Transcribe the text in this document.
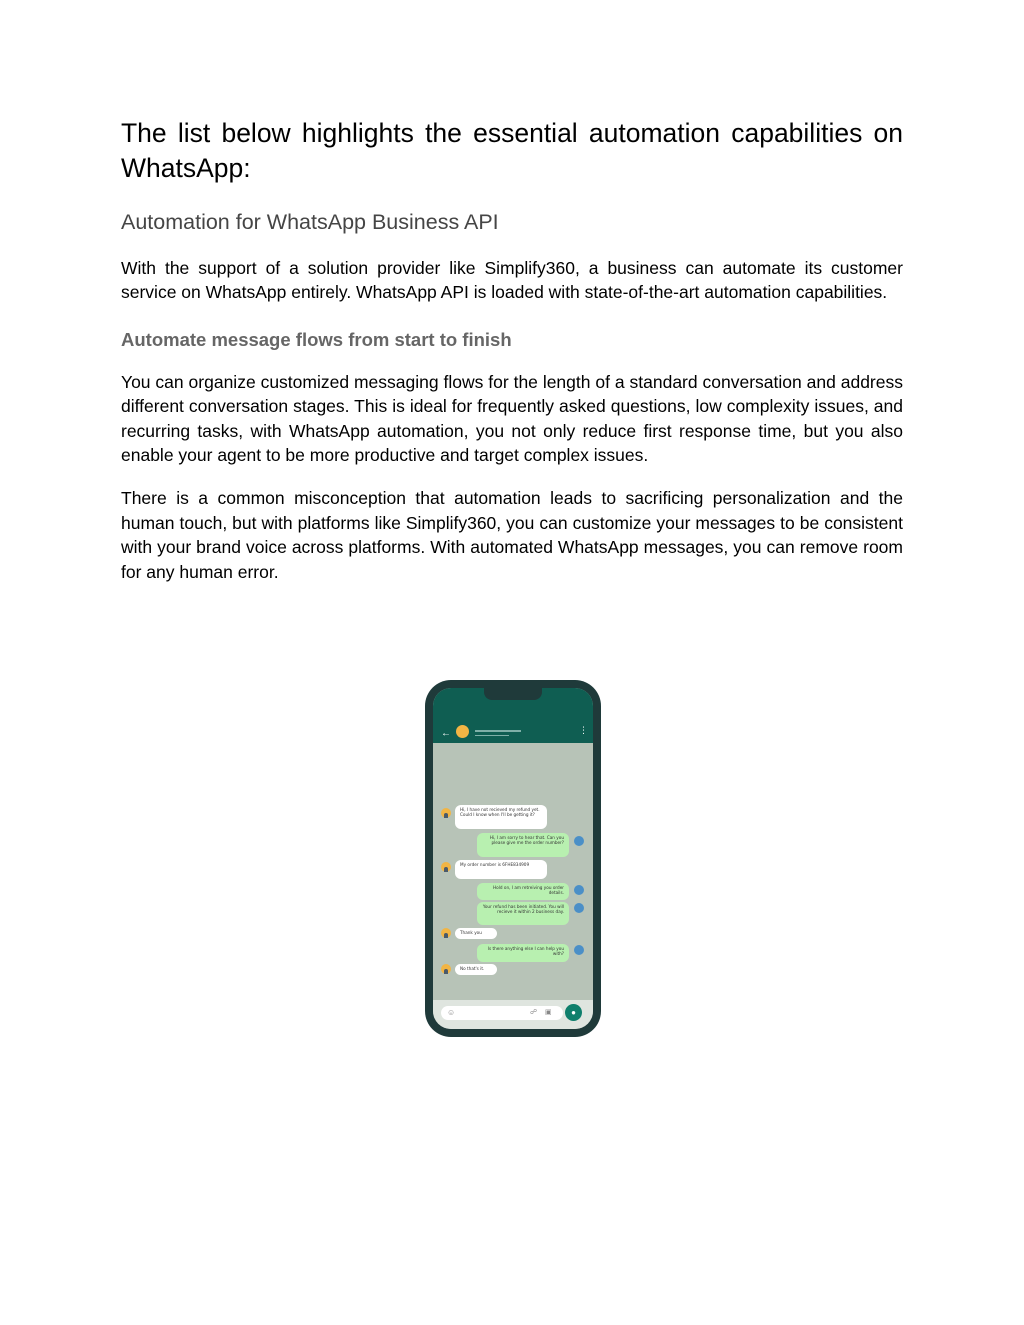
The list below highlights the essential automation capabilities on WhatsApp:
Automation for WhatsApp Business API

With the support of a solution provider like Simplify360, a business can automate its customer service on WhatsApp entirely. WhatsApp API is loaded with state-of-the-art automation capabilities.

Automate message flows from start to finish

You can organize customized messaging flows for the length of a standard conversation and address different conversation stages. This is ideal for frequently asked questions, low complexity issues, and recurring tasks, with WhatsApp automation, you not only reduce first response time, but you also enable your agent to be more productive and target complex issues.

There is a common misconception that automation leads to sacrificing personalization and the human touch, but with platforms like Simplify360, you can customize your messages to be consistent with your brand voice across platforms. With automated WhatsApp messages, you can remove room for any human error.

←	⋮
Hi, I have not recieved my refund yet. Could I know when I'll be getting it?
Hi, I am sorry to hear that. Can you please give me the order number?
My order number is 6FHE834909
Hold on, I am retreiving you order details.
Your refund has been initiated. You will recieve it within 2 business day.
Thank you
Is there anything else I can help you with?
No that's it.
☺	☍ ▣	●
